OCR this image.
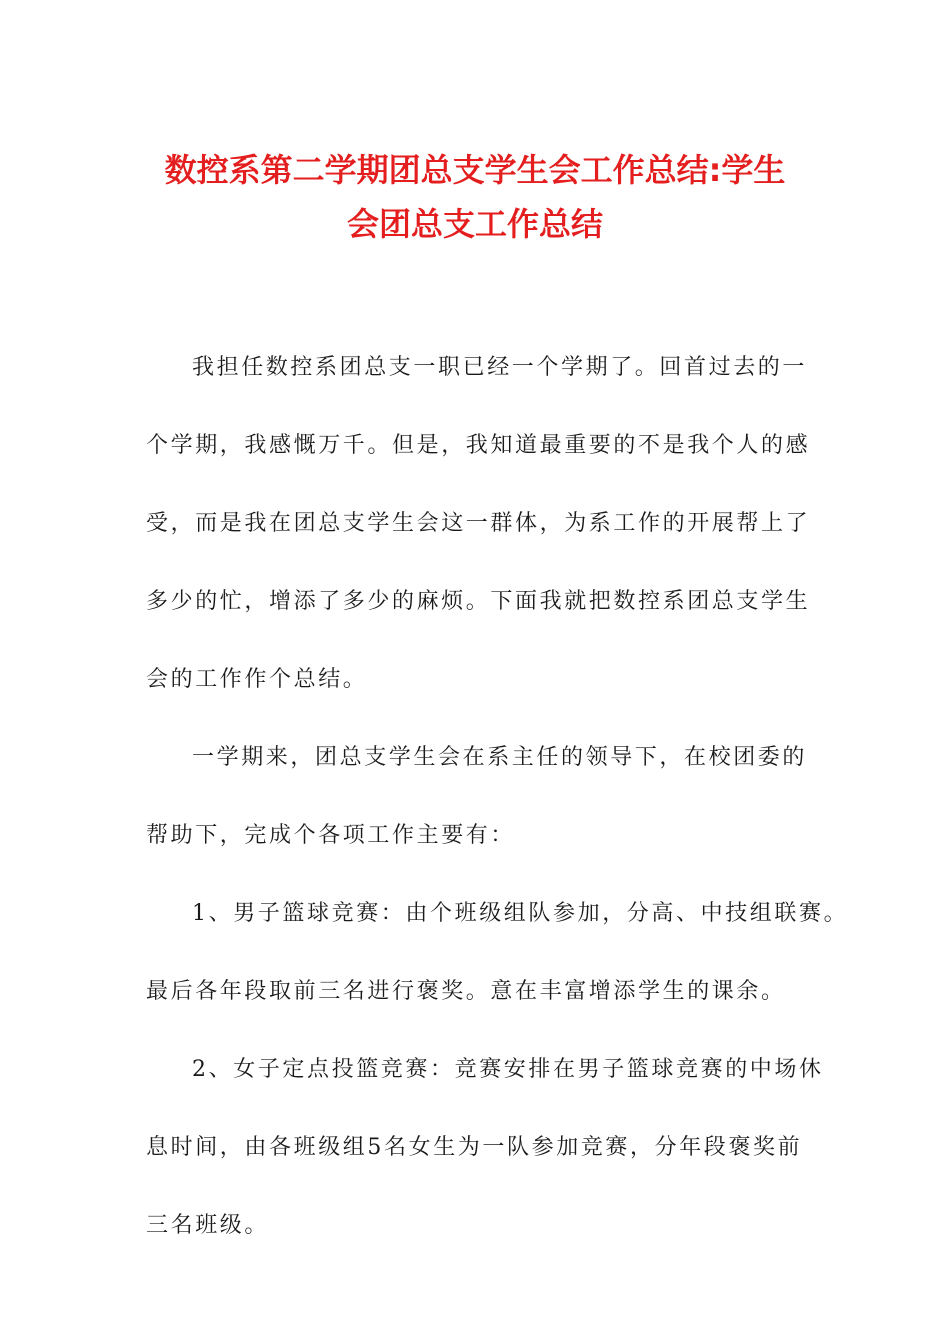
数控系第二学期团总支学生会工作总结:学生
会团总支工作总结
我担任数控系团总支一职已经一个学期了。回首过去的一
个学期，我感慨万千。但是，我知道最重要的不是我个人的感
受，而是我在团总支学生会这一群体，为系工作的开展帮上了
多少的忙，增添了多少的麻烦。下面我就把数控系团总支学生
会的工作作个总结。
一学期来，团总支学生会在系主任的领导下，在校团委的
帮助下，完成个各项工作主要有：
1、男子篮球竞赛：由个班级组队参加，分高、中技组联赛。
最后各年段取前三名进行褒奖。意在丰富增添学生的课余。
2、女子定点投篮竞赛：竞赛安排在男子篮球竞赛的中场休
息时间，由各班级组5名女生为一队参加竞赛，分年段褒奖前
三名班级。
